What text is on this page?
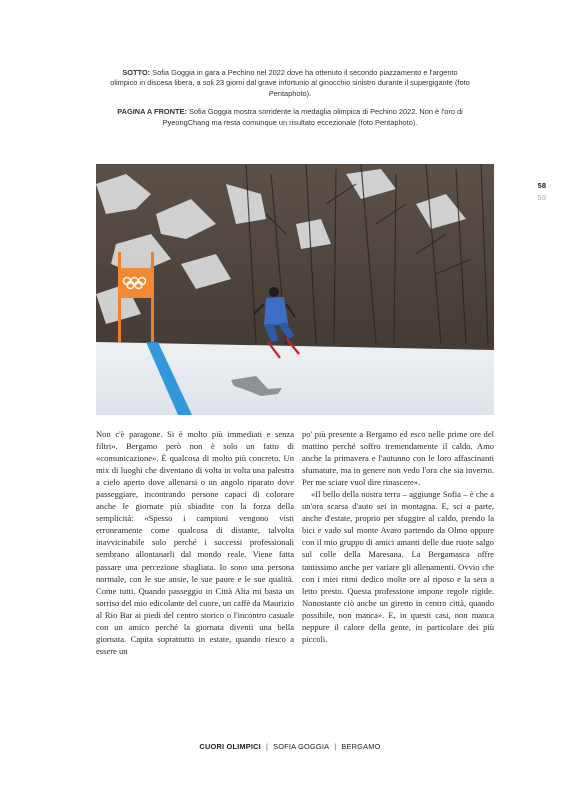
SOTTO: Sofia Goggia in gara a Pechino nel 2022 dove ha ottenuto il secondo piazzamento e l'argento olimpico in discesa libera, a soli 23 giorni dal grave infortunio al ginocchio sinistro durante il supergigante (foto Pentaphoto).

PAGINA A FRONTE: Sofia Goggia mostra sorridente la medaglia olimpica di Pechino 2022. Non è l'oro di PyeongChang ma resta comunque un risultato eccezionale (foto Pentaphoto).

58
59

Non c'è paragone. Si è molto più immediati e senza filtri». Bergamo però non è solo un fatto di «comunicazione». È qualcosa di molto più concreto. Un mix di luoghi che diventano di volta in volta una palestra a cielo aperto dove allenarsi o un angolo riparato dove passeggiare, incontrando persone capaci di colorare anche le giornate più sbiadite con la forza della semplicità: «Spesso i campioni vengono visti erroneamente come qualcosa di distante, talvolta inavvicinabile solo perché i successi professionali sembrano allontanarli dal mondo reale. Viene fatta passare una percezione sbagliata. Io sono una persona normale, con le sue ansie, le sue paure e le sue qualità. Come tutti. Quando passeggio in Città Alta mi basta un sorriso del mio edicolante del cuore, un caffè da Maurizio al Rio Bar ai piedi del centro storico o l'incontro casuale con un amico perché la giornata diventi una bella giornata. Capita soprattutto in estate, quando riesco a essere un

po' più presente a Bergamo ed esco nelle prime ore del mattino perché soffro tremendamente il caldo. Amo anche la primavera e l'autunno con le loro affascinanti sfumature, ma in genere non vedo l'ora che sia inverno. Per me sciare vuol dire rinascere».

«Il bello della nostra terra – aggiunge Sofia – è che a un'ora scarsa d'auto sei in montagna. E, sci a parte, anche d'estate, proprio per sfuggire al caldo, prendo la bici e vado sul monte Avaro partendo da Olmo oppure con il mio gruppo di amici amanti delle due ruote salgo sul colle della Maresana. La Bergamasca offre tantissimo anche per variare gli allenamenti. Ovvio che con i miei ritmi dedico molte ore al riposo e la sera a letto presto. Questa professione impone regole rigide. Nonostante ciò anche un giretto in centro città, quando possibile, non manca». E, in questi casi, non manca neppure il calore della gente, in particolare dei più piccoli.

CUORI OLIMPICI | SOFIA GOGGIA | BERGAMO
